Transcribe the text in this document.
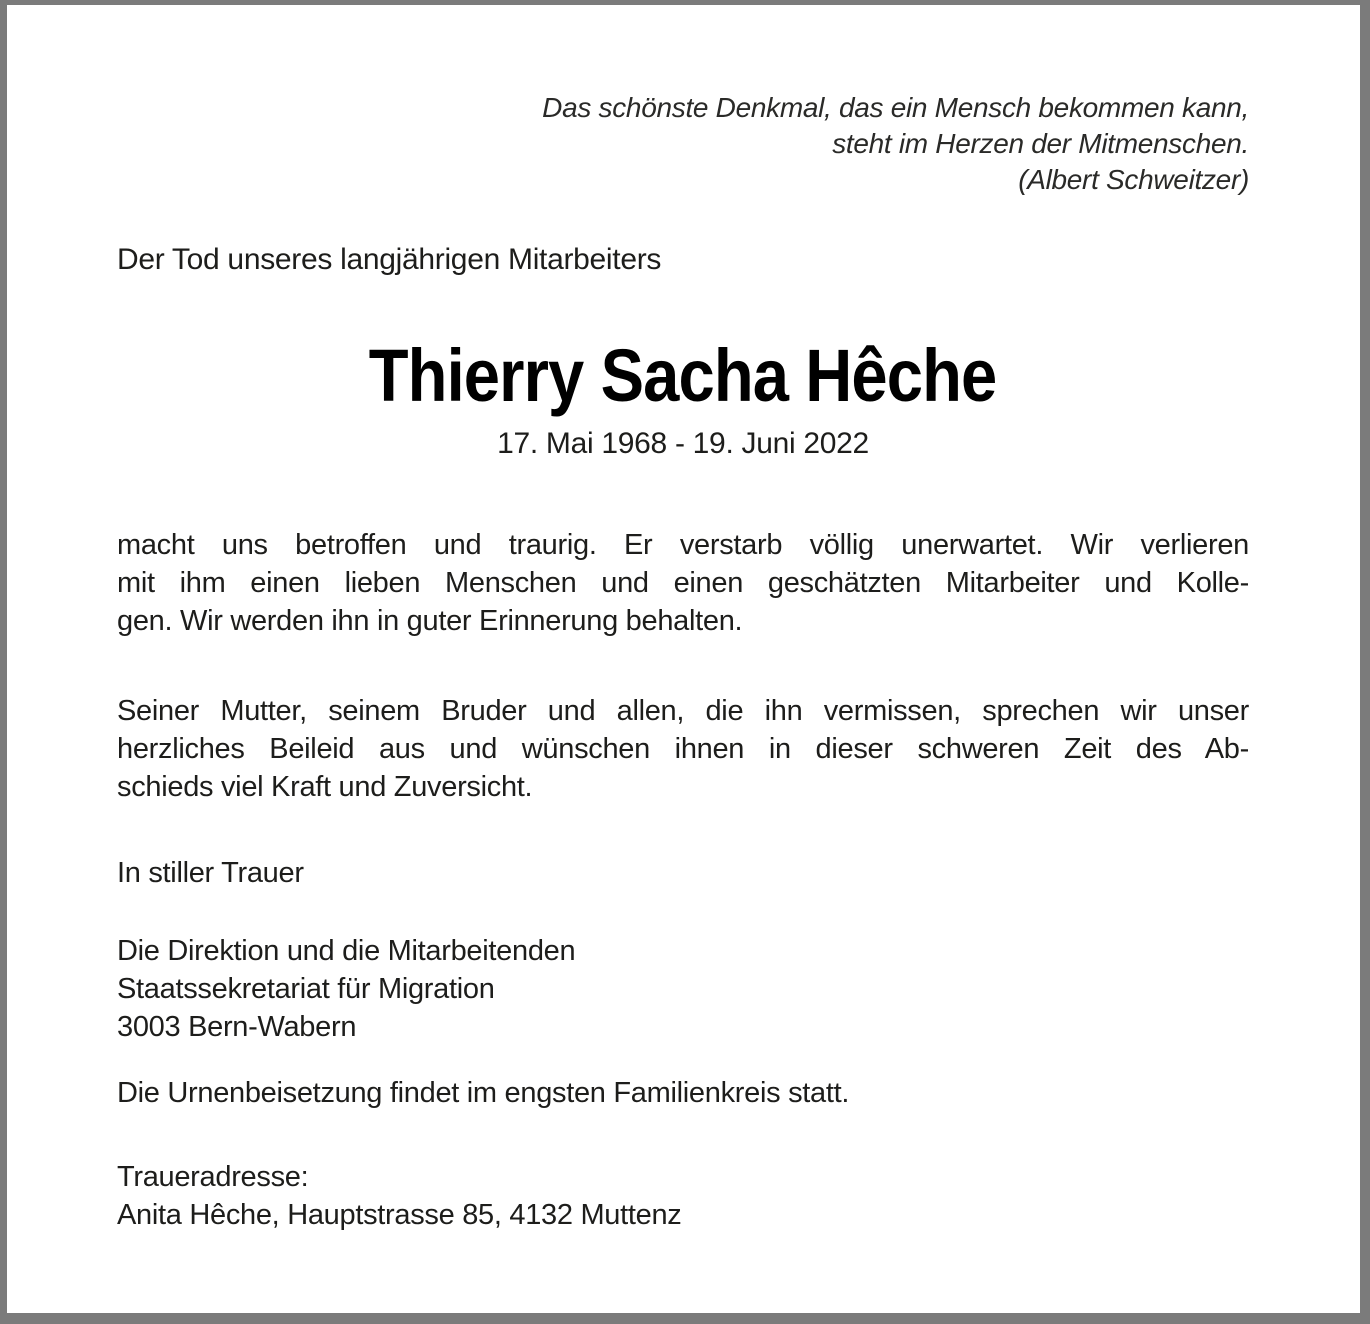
Das schönste Denkmal, das ein Mensch bekommen kann,
steht im Herzen der Mitmenschen.
(Albert Schweitzer)
Der Tod unseres langjährigen Mitarbeiters
Thierry Sacha Hêche
17. Mai 1968 - 19. Juni 2022
macht uns betroffen und traurig. Er verstarb völlig unerwartet. Wir verlieren
mit ihm einen lieben Menschen und einen geschätzten Mitarbeiter und Kolle-
gen. Wir werden ihn in guter Erinnerung behalten.
Seiner Mutter, seinem Bruder und allen, die ihn vermissen, sprechen wir unser
herzliches Beileid aus und wünschen ihnen in dieser schweren Zeit des Ab-
schieds viel Kraft und Zuversicht.
In stiller Trauer
Die Direktion und die Mitarbeitenden
Staatssekretariat für Migration
3003 Bern-Wabern
Die Urnenbeisetzung findet im engsten Familienkreis statt.
Traueradresse:
Anita Hêche, Hauptstrasse 85, 4132 Muttenz
